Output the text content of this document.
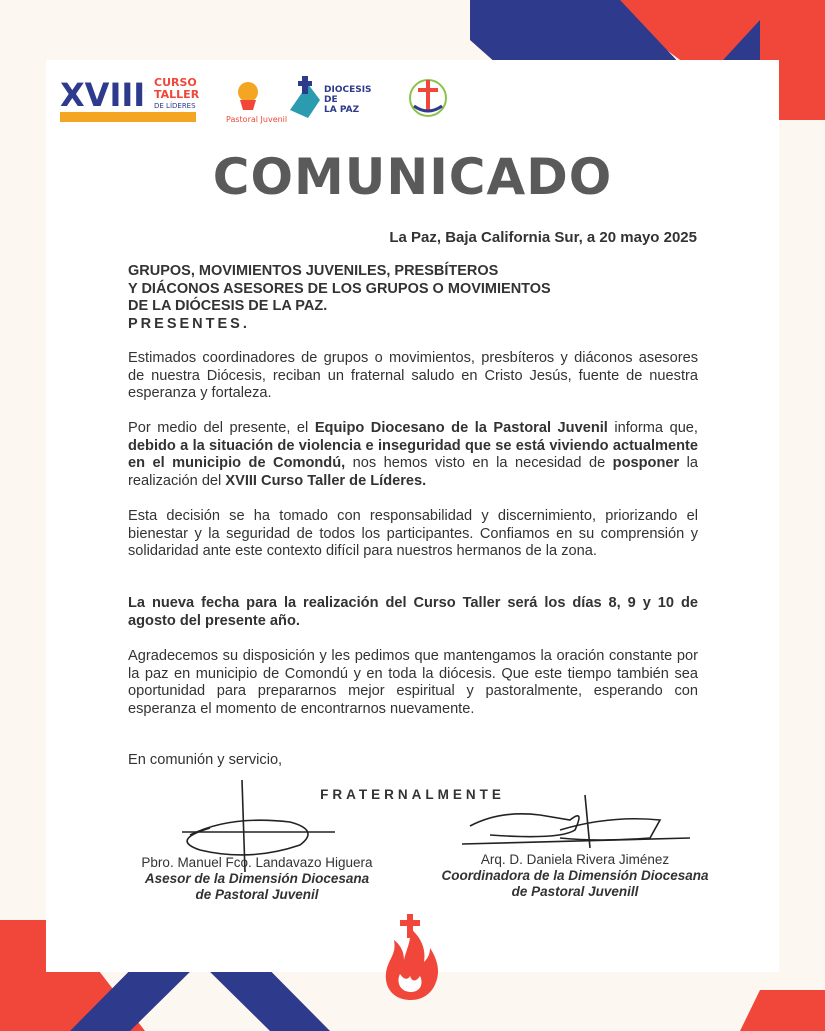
XVIII CURSO
TALLER
DE LÍDERES
Pastoral Juvenil
DIOCESIS
DE
LA PAZ
COMUNICADO
La Paz, Baja California Sur, a 20 mayo 2025
GRUPOS, MOVIMIENTOS JUVENILES, PRESBÍTEROS
Y DIÁCONOS ASESORES DE LOS GRUPOS O MOVIMIENTOS
DE LA DIÓCESIS DE LA PAZ.
PRESENTES.
Estimados coordinadores de grupos o movimientos, presbíteros y diáconos asesores de nuestra Diócesis, reciban un fraternal saludo en Cristo Jesús, fuente de nuestra esperanza y fortaleza.
Por medio del presente, el Equipo Diocesano de la Pastoral Juvenil informa que, debido a la situación de violencia e inseguridad que se está viviendo actualmente en el municipio de Comondú, nos hemos visto en la necesidad de posponer la realización del XVIII Curso Taller de Líderes.
Esta decisión se ha tomado con responsabilidad y discernimiento, priorizando el bienestar y la seguridad de todos los participantes. Confiamos en su comprensión y solidaridad ante este contexto difícil para nuestros hermanos de la zona.
La nueva fecha para la realización del Curso Taller será los días 8, 9 y 10 de agosto del presente año.
Agradecemos su disposición y les pedimos que mantengamos la oración constante por la paz en municipio de Comondú y en toda la diócesis. Que este tiempo también sea oportunidad para prepararnos mejor espiritual y pastoralmente, esperando con esperanza el momento de encontrarnos nuevamente.
En comunión y servicio,
FRATERNALMENTE
Pbro. Manuel Fco. Landavazo Higuera
Asesor de la Dimensión Diocesana
de Pastoral Juvenil
Arq. D. Daniela Rivera Jiménez
Coordinadora de la Dimensión Diocesana
de Pastoral Juvenill
